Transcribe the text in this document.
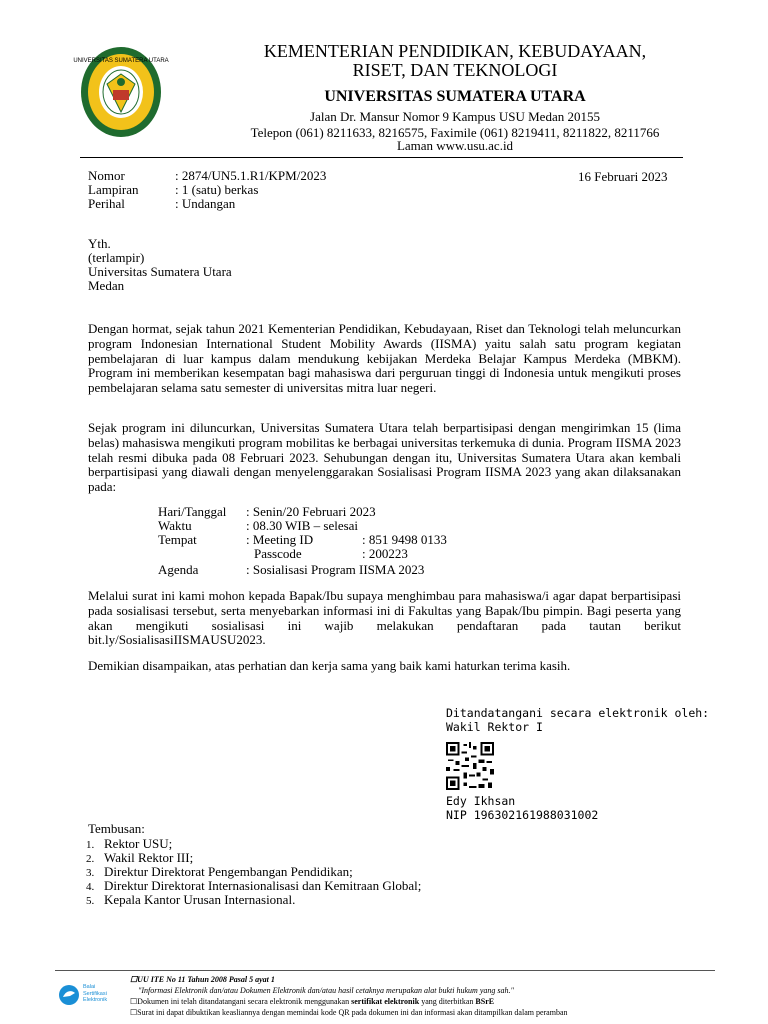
UNIVERSITAS SUMATERA UTARA	KEMENTERIAN PENDIDIKAN, KEBUDAYAAN,
RISET, DAN TEKNOLOGI
UNIVERSITAS SUMATERA UTARA
Jalan Dr. Mansur Nomor 9 Kampus USU Medan 20155
Telepon (061) 8211633, 8216575, Faximile (061) 8219411, 8211822, 8211766
Laman www.usu.ac.id
Nomor	: 2874/UN5.1.R1/KPM/2023
Lampiran	: 1 (satu) berkas
Perihal	: Undangan
16 Februari 2023
Yth.
(terlampir)
Universitas Sumatera Utara
Medan
Dengan hormat, sejak tahun 2021 Kementerian Pendidikan, Kebudayaan, Riset dan Teknologi telah meluncurkan program Indonesian International Student Mobility Awards (IISMA) yaitu salah satu program kegiatan pembelajaran di luar kampus dalam mendukung kebijakan Merdeka Belajar Kampus Merdeka (MBKM). Program ini memberikan kesempatan bagi mahasiswa dari perguruan tinggi di Indonesia untuk mengikuti proses pembelajaran selama satu semester di universitas mitra luar negeri.
Sejak program ini diluncurkan, Universitas Sumatera Utara telah berpartisipasi dengan mengirimkan 15 (lima belas) mahasiswa mengikuti program mobilitas ke berbagai universitas terkemuka di dunia. Program IISMA 2023 telah resmi dibuka pada 08 Februari 2023. Sehubungan dengan itu, Universitas Sumatera Utara akan kembali berpartisipasi yang diawali dengan menyelenggarakan Sosialisasi Program IISMA 2023 yang akan dilaksanakan pada:
Hari/Tanggal : Senin/20 Februari 2023
Waktu	: 08.30 WIB – selesai
Tempat	: Meeting ID	: 851 9498 0133
Passcode	: 200223
Agenda	: Sosialisasi Program IISMA 2023
Melalui surat ini kami mohon kepada Bapak/Ibu supaya menghimbau para mahasiswa/i agar dapat berpartisipasi pada sosialisasi tersebut, serta menyebarkan informasi ini di Fakultas yang Bapak/Ibu pimpin. Bagi peserta yang akan mengikuti sosialisasi ini wajib melakukan pendaftaran pada tautan berikut bit.ly/SosialisasiIISMAUSU2023.
Demikian disampaikan, atas perhatian dan kerja sama yang baik kami haturkan terima kasih.
Ditandatangani secara elektronik oleh:
Wakil Rektor I
Edy Ikhsan
NIP 196302161988031002
Tembusan:
1. Rektor USU;
2. Wakil Rektor III;
3. Direktur Direktorat Pengembangan Pendidikan;
4. Direktur Direktorat Internasionalisasi dan Kemitraan Global;
5. Kepala Kantor Urusan Internasional.
Balai
Sertifikasi
Elektronik
☐UU ITE No 11 Tahun 2008 Pasal 5 ayat 1
"Informasi Elektronik dan/atau Dokumen Elektronik dan/atau hasil cetaknya merupakan alat bukti hukum yang sah."
☐Dokumen ini telah ditandatangani secara elektronik menggunakan sertifikat elektronik yang diterbitkan BSrE
☐Surat ini dapat dibuktikan keasliannya dengan memindai kode QR pada dokumen ini dan informasi akan ditampilkan dalam peramban
